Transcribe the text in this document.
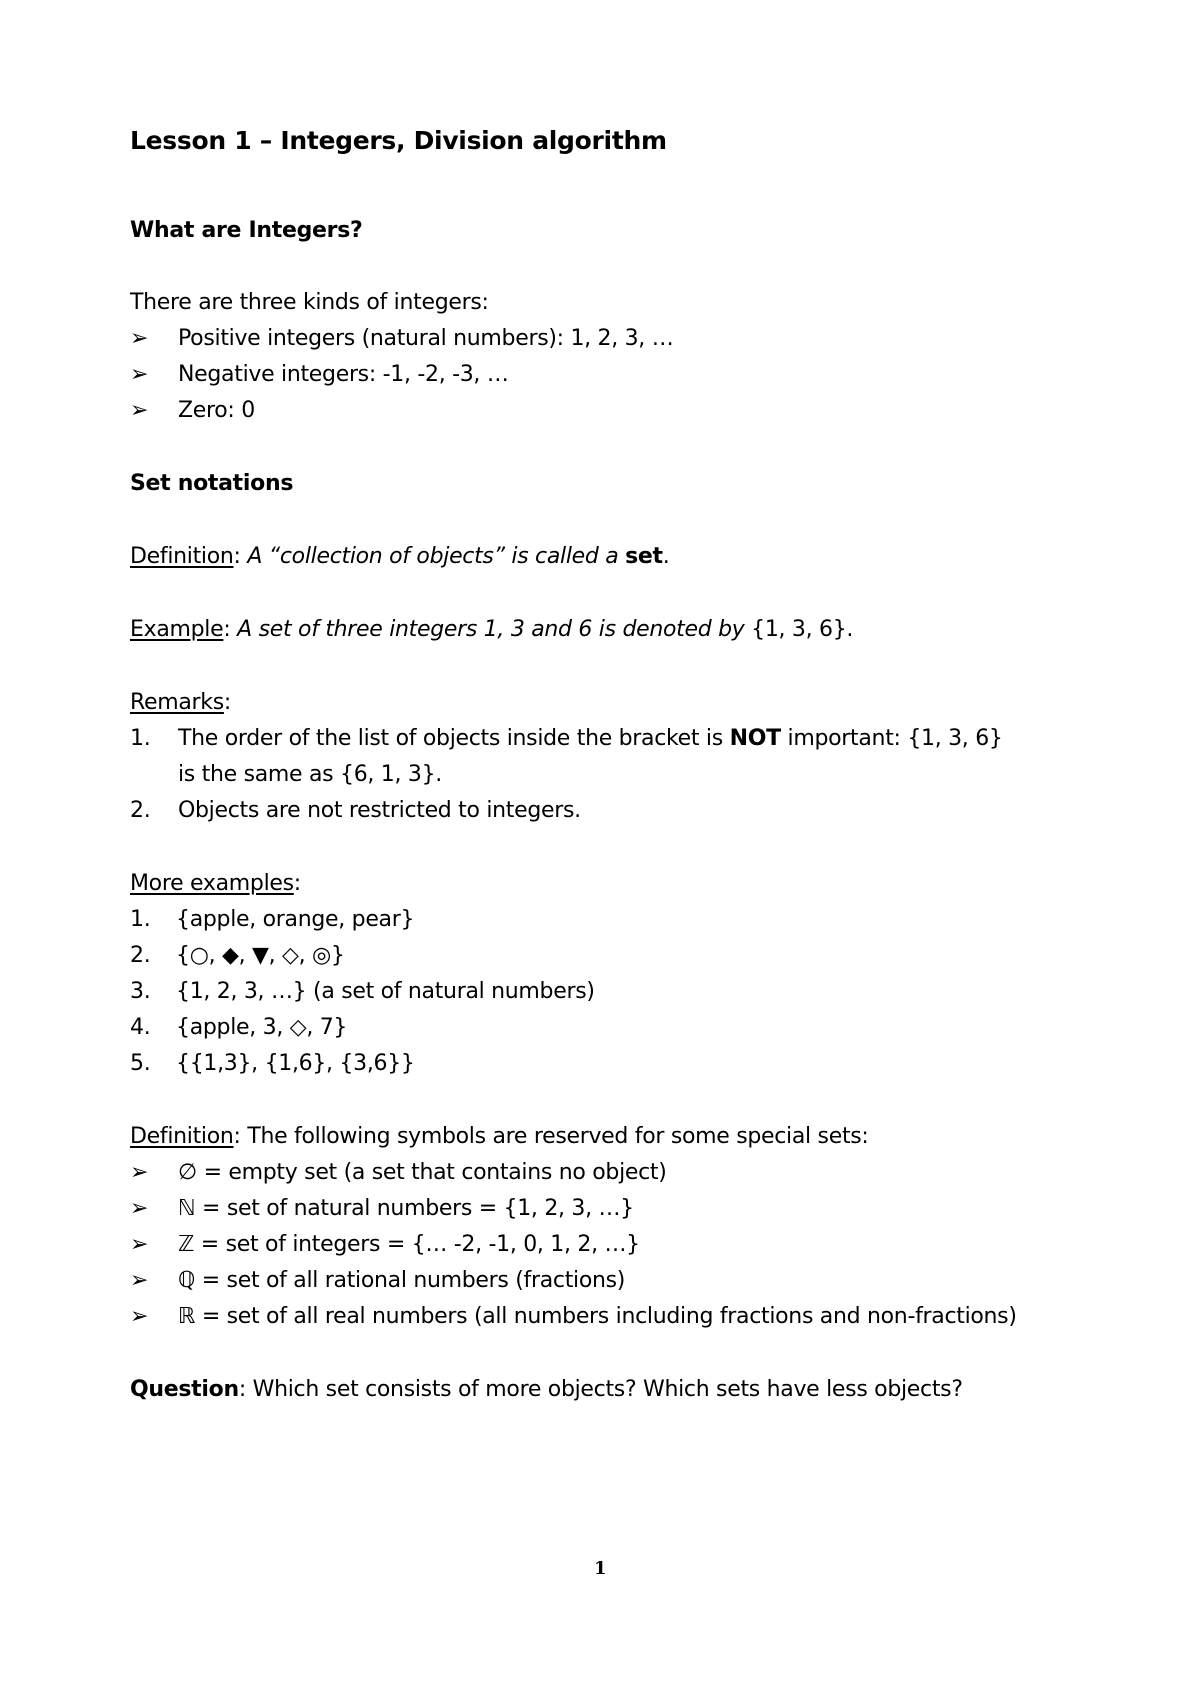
Lesson 1 – Integers, Division algorithm
What are Integers?
There are three kinds of integers:
➢	Positive integers (natural numbers): 1, 2, 3, …
➢	Negative integers: -1, -2, -3, …
➢	Zero: 0
Set notations
Definition: A “collection of objects” is called a set.
Example: A set of three integers 1, 3 and 6 is denoted by {1, 3, 6}.
Remarks:
1.	The order of the list of objects inside the bracket is NOT important: {1, 3, 6}
is the same as {6, 1, 3}.
2.	Objects are not restricted to integers.
More examples:
1.	{apple, orange, pear}
2.	{○, ◆, ▼, ◇, ◎}
3.	{1, 2, 3, …} (a set of natural numbers)
4.	{apple, 3, ◇, 7}
5.	{{1,3}, {1,6}, {3,6}}
Definition: The following symbols are reserved for some special sets:
➢	∅ = empty set (a set that contains no object)
➢	ℕ = set of natural numbers = {1, 2, 3, …}
➢	ℤ = set of integers = {… -2, -1, 0, 1, 2, …}
➢	ℚ = set of all rational numbers (fractions)
➢	ℝ = set of all real numbers (all numbers including fractions and non-fractions)
Question: Which set consists of more objects? Which sets have less objects?
1
